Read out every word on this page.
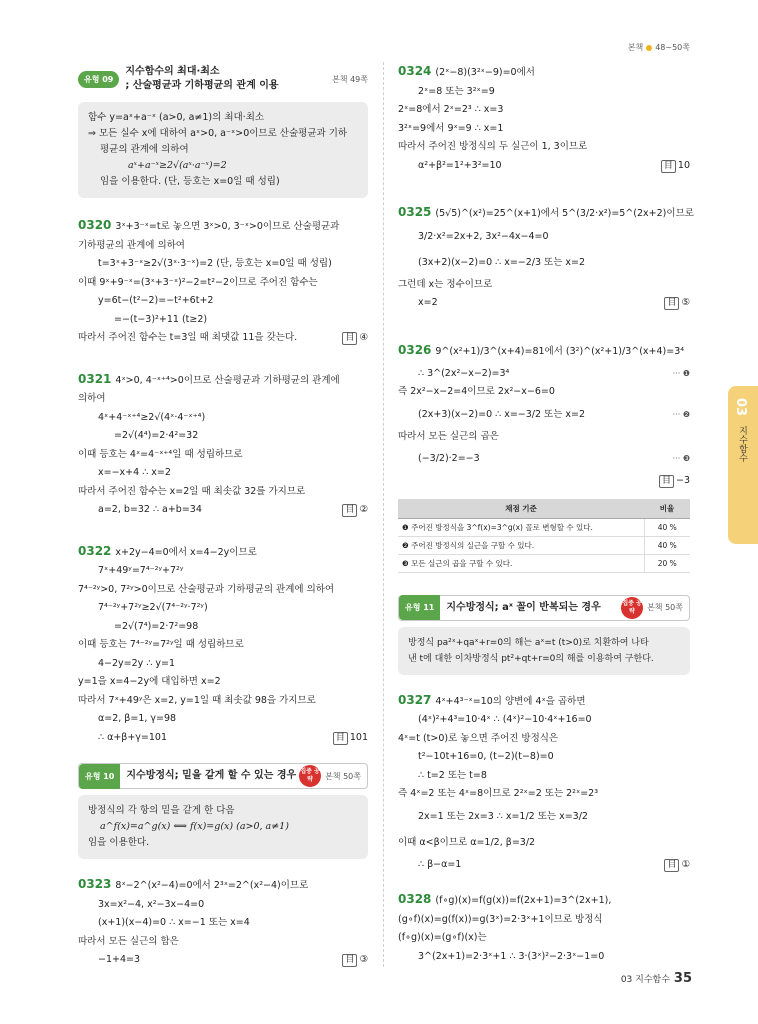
본책 48~50쪽
유형 09
지수함수의 최대·최소
; 산술평균과 기하평균의 관계 이용
본책 49쪽
함수 y=aˣ+a⁻ˣ (a>0, a≠1)의 최대·최소
⇒ 모든 실수 x에 대하여 aˣ>0, a⁻ˣ>0이므로 산술평균과 기하
평균의 관계에 의하여
aˣ+a⁻ˣ≥2√(aˣ·a⁻ˣ)=2
임을 이용한다. (단, 등호는 x=0일 때 성립)
0320 3ˣ+3⁻ˣ=t로 놓으면 3ˣ>0, 3⁻ˣ>0이므로 산술평균과
기하평균의 관계에 의하여
t=3ˣ+3⁻ˣ≥2√(3ˣ·3⁻ˣ)=2 (단, 등호는 x=0일 때 성립)
이때 9ˣ+9⁻ˣ=(3ˣ+3⁻ˣ)²−2=t²−2이므로 주어진 함수는
y=6t−(t²−2)=−t²+6t+2
=−(t−3)²+11 (t≥2)
따라서 주어진 함수는 t=3일 때 최댓값 11을 갖는다.	目 ④
0321 4ˣ>0, 4⁻ˣ⁺⁴>0이므로 산술평균과 기하평균의 관계에
의하여
4ˣ+4⁻ˣ⁺⁴≥2√(4ˣ·4⁻ˣ⁺⁴)
=2√(4⁴)=2·4²=32
이때 등호는 4ˣ=4⁻ˣ⁺⁴일 때 성립하므로
x=−x+4 ∴ x=2
따라서 주어진 함수는 x=2일 때 최솟값 32를 가지므로
a=2, b=32 ∴ a+b=34	目 ②
0322 x+2y−4=0에서 x=4−2y이므로
7ˣ+49ʸ=7⁴⁻²ʸ+7²ʸ
7⁴⁻²ʸ>0, 7²ʸ>0이므로 산술평균과 기하평균의 관계에 의하여
7⁴⁻²ʸ+7²ʸ≥2√(7⁴⁻²ʸ·7²ʸ)
=2√(7⁴)=2·7²=98
이때 등호는 7⁴⁻²ʸ=7²ʸ일 때 성립하므로
4−2y=2y ∴ y=1
y=1을 x=4−2y에 대입하면 x=2
따라서 7ˣ+49ʸ은 x=2, y=1일 때 최솟값 98을 가지므로
α=2, β=1, γ=98
∴ α+β+γ=101	目 101
유형 10	지수방정식; 밑을 같게 할 수 있는 경우 집중 공략	본책 50쪽
방정식의 각 항의 밑을 같게 한 다음
a^f(x)=a^g(x) ⟺ f(x)=g(x) (a>0, a≠1)
임을 이용한다.
0323 8ˣ−2^(x²−4)=0에서 2³ˣ=2^(x²−4)이므로
3x=x²−4, x²−3x−4=0
(x+1)(x−4)=0 ∴ x=−1 또는 x=4
따라서 모든 실근의 합은
−1+4=3	目 ③
0324 (2ˣ−8)(3²ˣ−9)=0에서
2ˣ=8 또는 3²ˣ=9
2ˣ=8에서 2ˣ=2³ ∴ x=3
3²ˣ=9에서 9ˣ=9 ∴ x=1
따라서 주어진 방정식의 두 실근이 1, 3이므로
α²+β²=1²+3²=10	目 10
0325 (5√5)^(x²)=25^(x+1)에서 5^(3/2·x²)=5^(2x+2)이므로
3/2·x²=2x+2, 3x²−4x−4=0
(3x+2)(x−2)=0 ∴ x=−2/3 또는 x=2
그런데 x는 정수이므로
x=2	目 ⑤
0326 9^(x²+1)/3^(x+4)=81에서 (3²)^(x²+1)/3^(x+4)=3⁴
∴ 3^(2x²−x−2)=3⁴	··· ❶
즉 2x²−x−2=4이므로 2x²−x−6=0
(2x+3)(x−2)=0 ∴ x=−3/2 또는 x=2	··· ❷
따라서 모든 실근의 곱은
(−3/2)·2=−3	··· ❸
目 −3

채점 기준	비율
❶ 주어진 방정식을 3^f(x)=3^g(x) 꼴로 변형할 수 있다.	40 %
❷ 주어진 방정식의 실근을 구할 수 있다.	40 %
❸ 모든 실근의 곱을 구할 수 있다.	20 %
유형 11	지수방정식; aˣ 꼴이 반복되는 경우	집중 공략	본책 50쪽
방정식 pa²ˣ+qaˣ+r=0의 해는 aˣ=t (t>0)로 치환하여 나타
낸 t에 대한 이차방정식 pt²+qt+r=0의 해를 이용하여 구한다.
0327 4ˣ+4³⁻ˣ=10의 양변에 4ˣ을 곱하면
(4ˣ)²+4³=10·4ˣ ∴ (4ˣ)²−10·4ˣ+16=0
4ˣ=t (t>0)로 놓으면 주어진 방정식은
t²−10t+16=0, (t−2)(t−8)=0
∴ t=2 또는 t=8
즉 4ˣ=2 또는 4ˣ=8이므로 2²ˣ=2 또는 2²ˣ=2³
2x=1 또는 2x=3 ∴ x=1/2 또는 x=3/2
이때 α<β이므로 α=1/2, β=3/2
∴ β−α=1	目 ①
0328 (f∘g)(x)=f(g(x))=f(2x+1)=3^(2x+1),
(g∘f)(x)=g(f(x))=g(3ˣ)=2·3ˣ+1이므로 방정식
(f∘g)(x)=(g∘f)(x)는
3^(2x+1)=2·3ˣ+1 ∴ 3·(3ˣ)²−2·3ˣ−1=0
03
지수함수
03 지수함수 35
